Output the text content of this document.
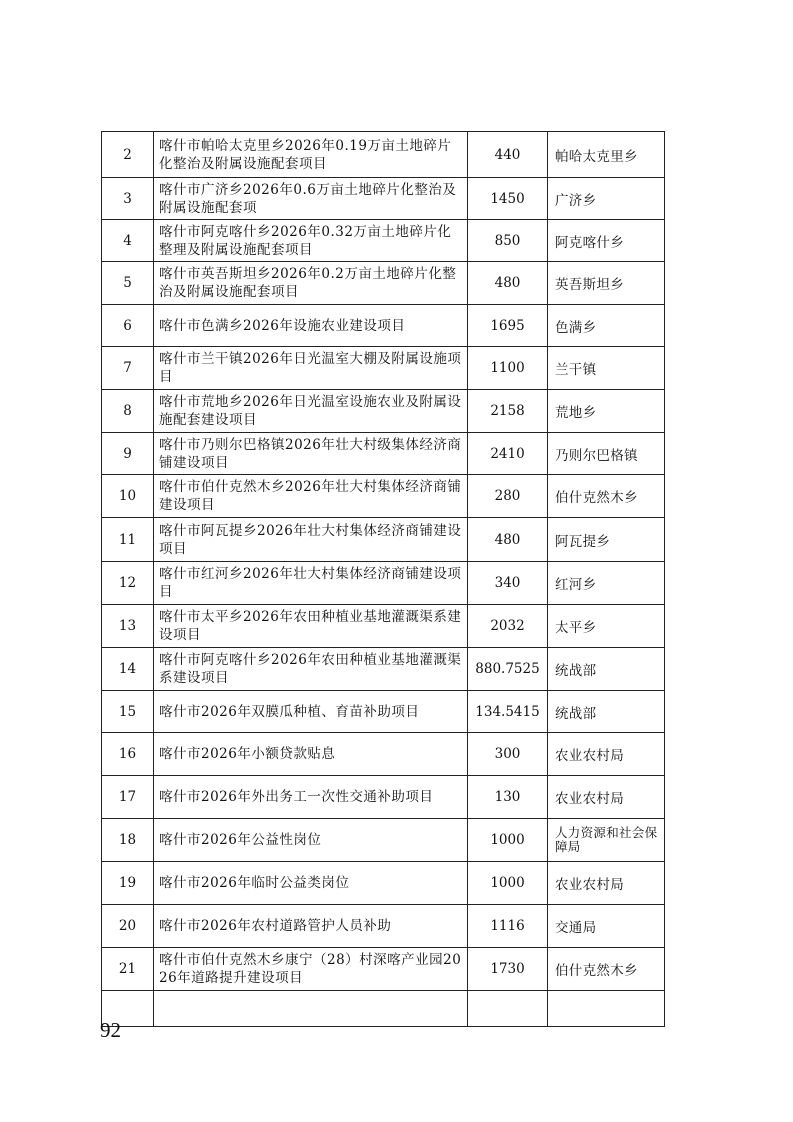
2	喀什市帕哈太克里乡2026年0.19万亩土地碎片化整治及附属设施配套项目	440	帕哈太克里乡
3	喀什市广济乡2026年0.6万亩土地碎片化整治及附属设施配套项	1450	广济乡
4	喀什市阿克喀什乡2026年0.32万亩土地碎片化整理及附属设施配套项目	850	阿克喀什乡
5	喀什市英吾斯坦乡2026年0.2万亩土地碎片化整治及附属设施配套项目	480	英吾斯坦乡
6	喀什市色满乡2026年设施农业建设项目	1695	色满乡
7	喀什市兰干镇2026年日光温室大棚及附属设施项目	1100	兰干镇
8	喀什市荒地乡2026年日光温室设施农业及附属设施配套建设项目	2158	荒地乡
9	喀什市乃则尔巴格镇2026年壮大村级集体经济商铺建设项目	2410	乃则尔巴格镇
10	喀什市伯什克然木乡2026年壮大村集体经济商铺建设项目	280	伯什克然木乡
11	喀什市阿瓦提乡2026年壮大村集体经济商铺建设项目	480	阿瓦提乡
12	喀什市红河乡2026年壮大村集体经济商铺建设项目	340	红河乡
13	喀什市太平乡2026年农田种植业基地灌溉渠系建设项目	2032	太平乡
14	喀什市阿克喀什乡2026年农田种植业基地灌溉渠系建设项目	880.7525	统战部
15	喀什市2026年双膜瓜种植、育苗补助项目	134.5415	统战部
16	喀什市2026年小额贷款贴息	300	农业农村局
17	喀什市2026年外出务工一次性交通补助项目	130	农业农村局
18	喀什市2026年公益性岗位	1000	人力资源和社会保障局
19	喀什市2026年临时公益类岗位	1000	农业农村局
20	喀什市2026年农村道路管护人员补助	1116	交通局
21	喀什市伯什克然木乡康宁（28）村深喀产业园2026年道路提升建设项目	1730	伯什克然木乡

92
